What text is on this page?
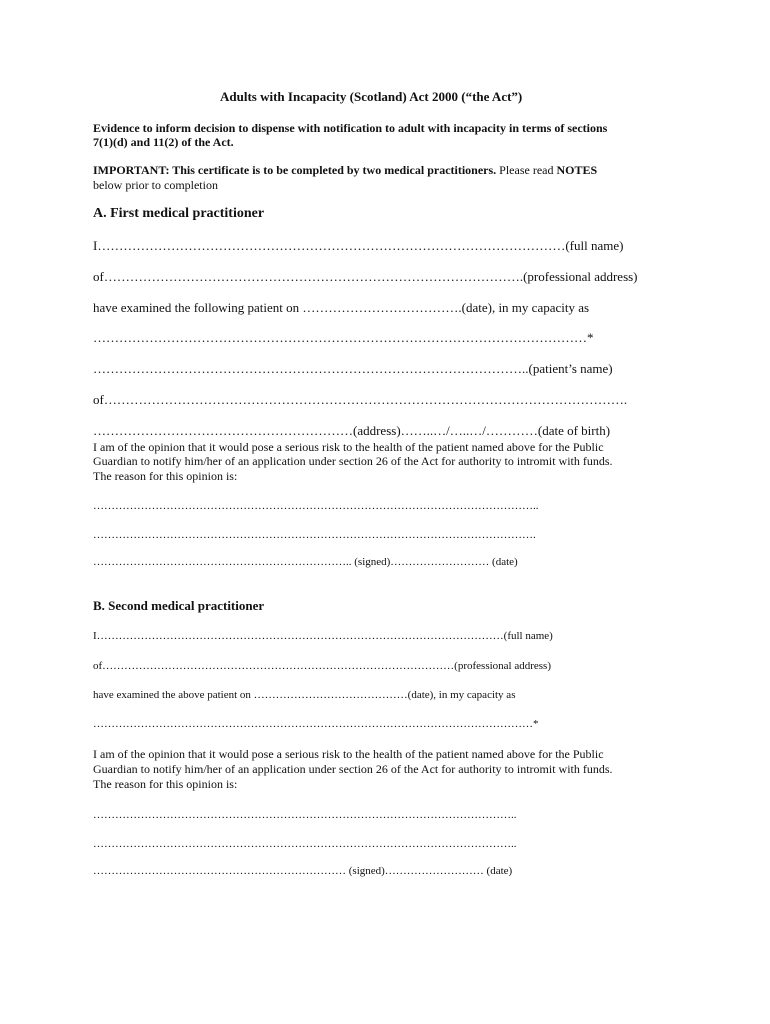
Adults with Incapacity (Scotland) Act 2000 (“the Act”)

Evidence to inform decision to dispense with notification to adult with incapacity in terms of sections

7(1)(d) and 11(2) of the Act.

IMPORTANT: This certificate is to be completed by two medical practitioners. Please read NOTES

below prior to completion

A. First medical practitioner

I………………………………………………………………………………………………(full name)

of…………………………………………………………………………………….(professional address)

have examined the following patient on ……………………………….(date), in my capacity as

……………………………………………………………………………………………………*

………………………………………………………………………………………..(patient’s name)

of………………………………………………………………………………………………………….

……………………………………………………(address)……..…/…..…/…………(date of birth)

I am of the opinion that it would pose a serious risk to the health of the patient named above for the Public

Guardian to notify him/her of an application under section 26 of the Act for authority to intromit with funds.

The reason for this opinion is:

…………………………………………………………………………………………………………..

………………………………………………………………………………………………………….

…………………………………………………………….. (signed)……………………… (date)

B. Second medical practitioner

I…………………………………………………………………………………………………(full name)

of……………………………………………………………………………………(professional address)

have examined the above patient on ……………………………………(date), in my capacity as

…………………………………………………………………………………………………………*

I am of the opinion that it would pose a serious risk to the health of the patient named above for the Public

Guardian to notify him/her of an application under section 26 of the Act for authority to intromit with funds.

The reason for this opinion is:

……………………………………………………………………………………………………..

……………………………………………………………………………………………………..

…………………………………………………………… (signed)……………………… (date)
